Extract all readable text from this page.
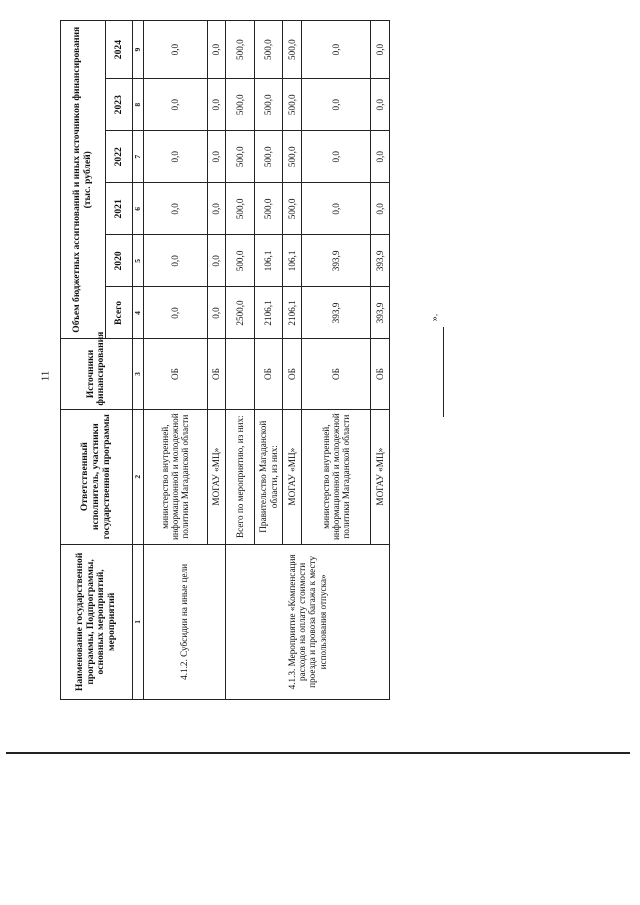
11
Наименование государственной программы, Подпрограммы, основных мероприятий, мероприятий	Ответственный исполнитель, участники государственной программы	Источники финансирования	Объем бюджетных ассигнований и иных источников финансирования (тыс. рублей)					
			Всего	2020	2021	2022	2023	2024
1	2	3	4	5	6	7	8	9
4.1.2. Субсидии на иные цели	министерство внутренней, информационной и молодежной политики Магаданской области	ОБ	0,0	0,0	0,0	0,0	0,0	0,0
	МОГАУ «МЦ»	ОБ	0,0	0,0	0,0	0,0	0,0	0,0
4.1.3. Мероприятие «Компенсация расходов на оплату стоимости проезда и провоза багажа к месту использования отпуска»	Всего по мероприятию, из них:		2500,0	500,0	500,0	500,0	500,0	500,0
	Правительство Магаданской области, из них:	ОБ	2106,1	106,1	500,0	500,0	500,0	500,0
	МОГАУ «МЦ»	ОБ	2106,1	106,1	500,0	500,0	500,0	500,0
	министерство внутренней, информационной и молодежной политики Магаданской области	ОБ	393,9	393,9	0,0	0,0	0,0	0,0
	МОГАУ «МЦ»	ОБ	393,9	393,9	0,0	0,0	0,0	0,0
».
